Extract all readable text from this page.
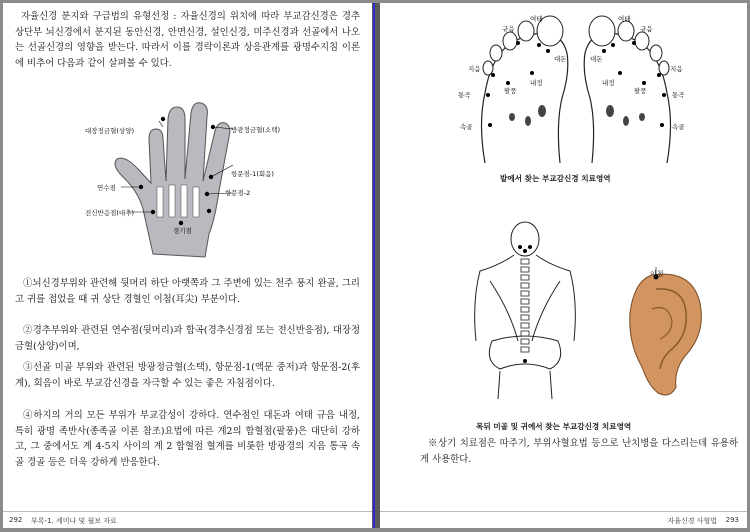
자율신경 분지와 구급법의 유형선정 : 자율신경의 위치에 따라 부교감신경은 경추 상단부 뇌신경에서 분지된 동안신경, 안면신경, 설인신경, 미주신경과 선골에서 나오는 선골신경의 영향을 받는다. 따라서 이를 경락이론과 상응관계를 광명수지침 이론에 비추어 다음과 같이 살펴볼 수 있다.

대장정금혈(상양)	방광정금혈(소택)
항문점-1(회음)
연수점
항문점-2
전신반응점(대추)
경기점

①뇌신경부위와 관련해 뒷머리 하단 아랫쪽과 그 주변에 있는 천주 풍지 완골, 그리고 귀를 접었을 때 귀 상단 경혈인 이첨(耳尖) 부분이다.

②경추부위와 관련된 연수점(뒷머리)과 합곡(경추신경점 또는 전신반응점), 대장정금혈(상양)이며,

③선골 미골 부위와 관련된 방광정금혈(소택), 항문점-1(액문 중저)과 항문점-2(후계), 회음이 바로 부교감신경을 자극할 수 있는 좋은 자침점이다.

④하지의 거의 모든 부위가 부교감성이 강하다. 연수점인 대돈과 여태 규음 내정, 특히 광명 족반사(종족골 이론 참조)요법에 따른 계2의 합혈점(팔풍)은 대단히 강하고, 그 중에서도 계 4-5지 사이의 계 2 합혈점 혈계를 비롯한 방광경의 지음 통곡 속골 경골 등은 더욱 강하게 반응한다.

292 부록-1. 세미나 및 월보 자료
여태
규음
대돈
지음
팔풍
내정
통곡
속골
여태
대돈
규음
지음
내정
팔풍	통곡
속골
발에서 찾는 부교감신경 치료영역
이첨
목뒤 미골 및 귀에서 찾는 부교감신경 치료영역

※상기 치료점은 따주기, 부위사혈요법 등으로 난치병을 다스리는데 유용하게 사용한다.

자율신경 사혈법 293
